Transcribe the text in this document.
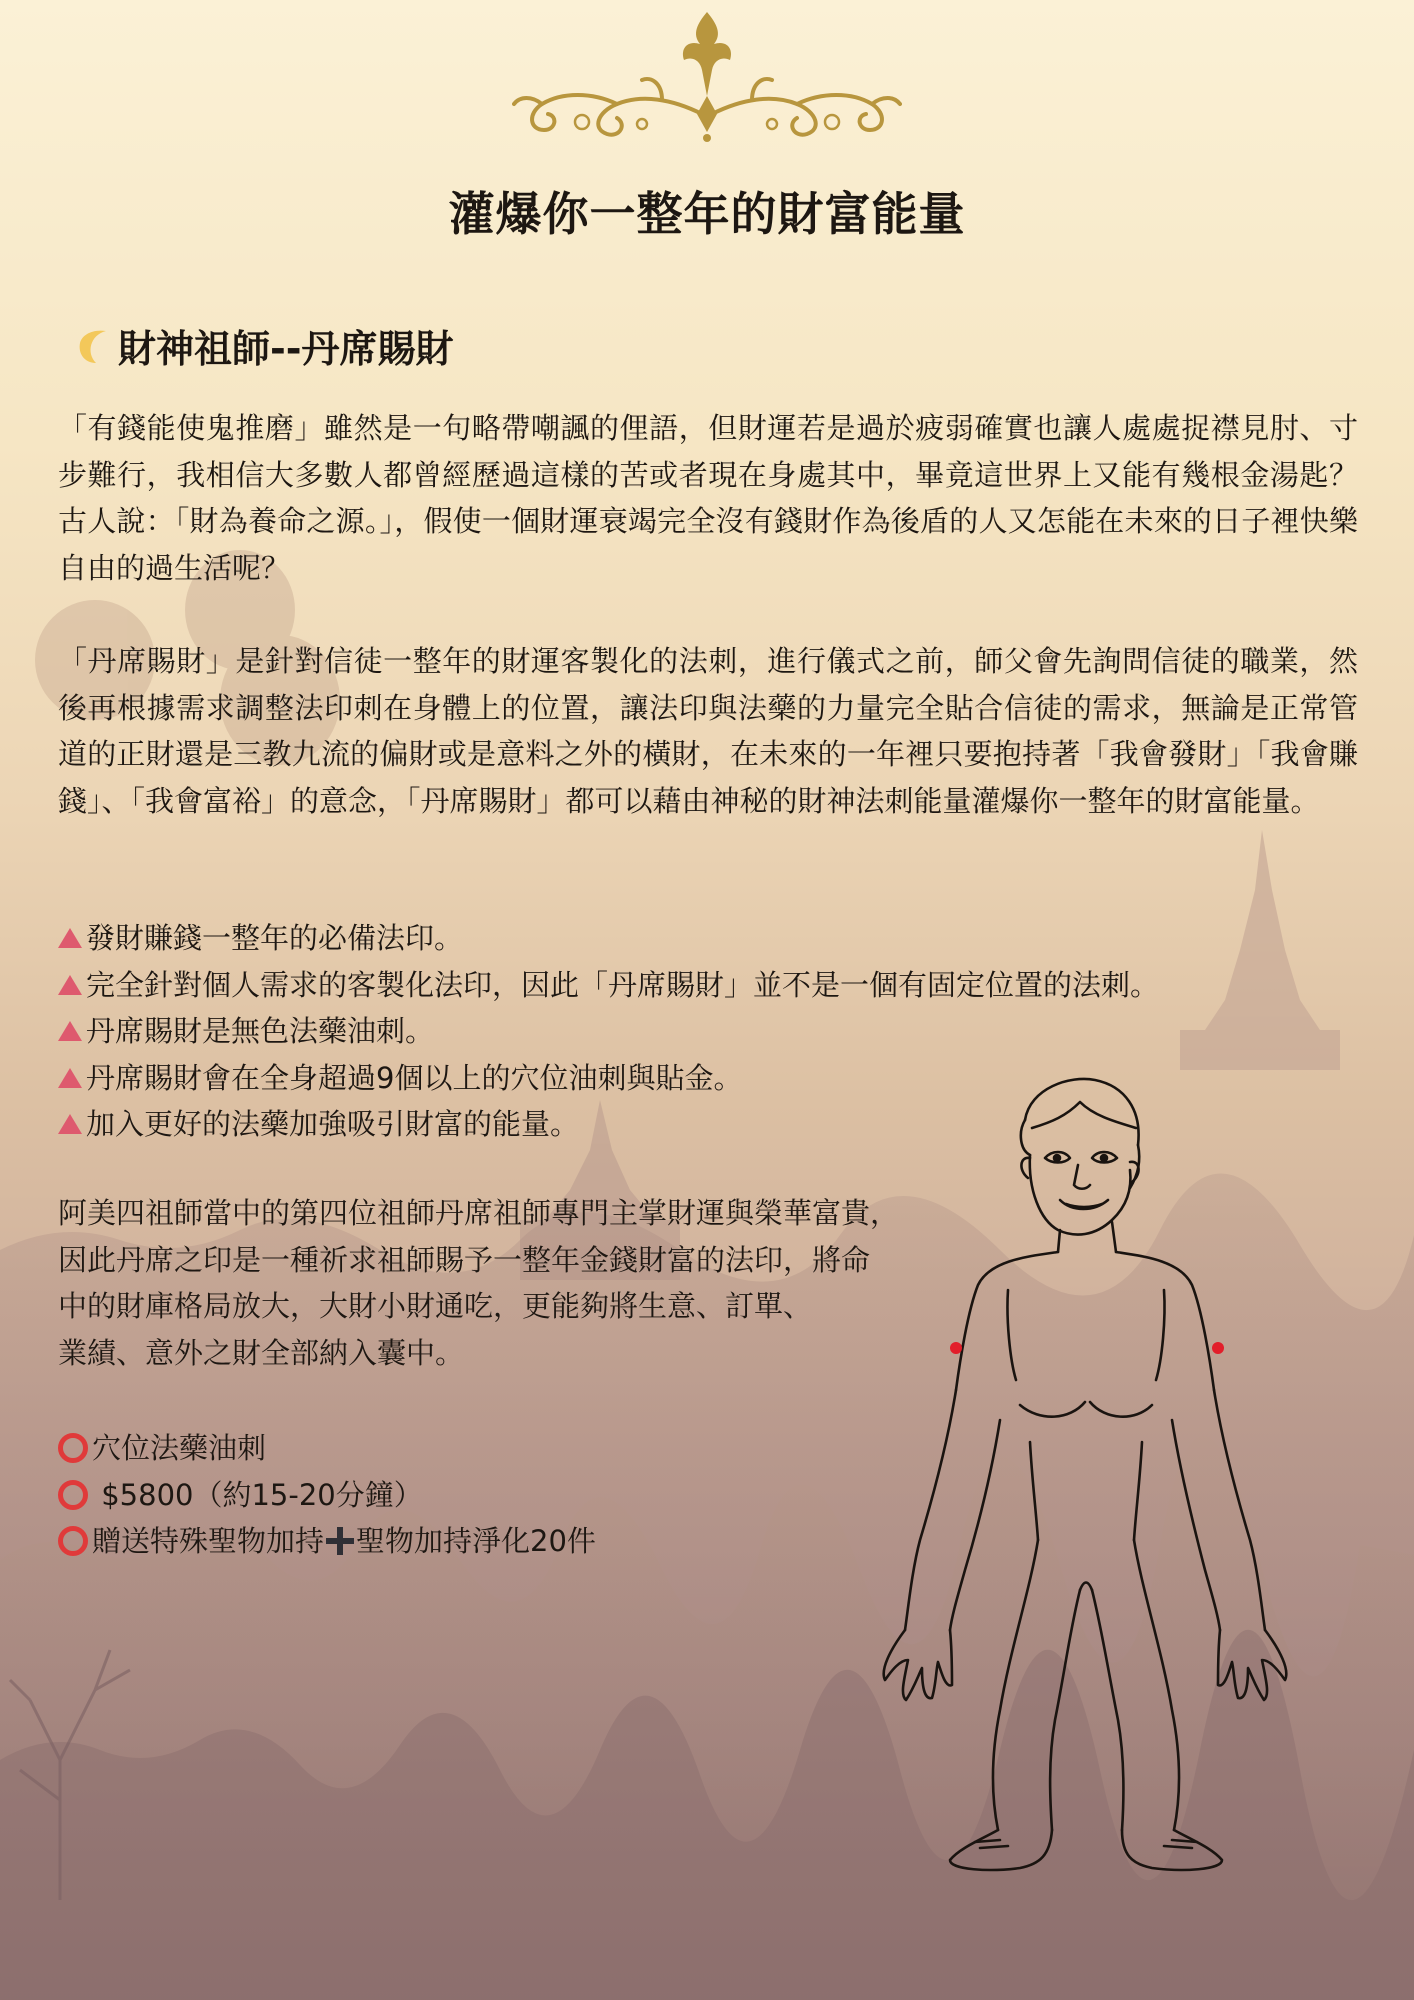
灌爆你一整年的財富能量
財神祖師--丹席賜財

「有錢能使鬼推磨」雖然是一句略帶嘲諷的俚語，但財運若是過於疲弱確實也讓人處處捉襟見肘、寸步難行，我相信大多數人都曾經歷過這樣的苦或者現在身處其中，畢竟這世界上又能有幾根金湯匙？古人說：「財為養命之源。」，假使一個財運衰竭完全沒有錢財作為後盾的人又怎能在未來的日子裡快樂自由的過生活呢？

「丹席賜財」是針對信徒一整年的財運客製化的法刺，進行儀式之前，師父會先詢問信徒的職業，然後再根據需求調整法印刺在身體上的位置，讓法印與法藥的力量完全貼合信徒的需求，無論是正常管道的正財還是三教九流的偏財或是意料之外的橫財，在未來的一年裡只要抱持著「我會發財」「我會賺錢」、「我會富裕」的意念，「丹席賜財」都可以藉由神秘的財神法刺能量灌爆你一整年的財富能量。

發財賺錢一整年的必備法印。
完全針對個人需求的客製化法印，因此「丹席賜財」並不是一個有固定位置的法刺。
丹席賜財是無色法藥油刺。
丹席賜財會在全身超過9個以上的穴位油刺與貼金。
加入更好的法藥加強吸引財富的能量。
阿美四祖師當中的第四位祖師丹席祖師專門主掌財運與榮華富貴，
因此丹席之印是一種祈求祖師賜予一整年金錢財富的法印，將命
中的財庫格局放大，大財小財通吃，更能夠將生意、訂單、
業績、意外之財全部納入囊中。
穴位法藥油刺
$5800（約15-20分鐘）
贈送特殊聖物加持 聖物加持淨化20件
